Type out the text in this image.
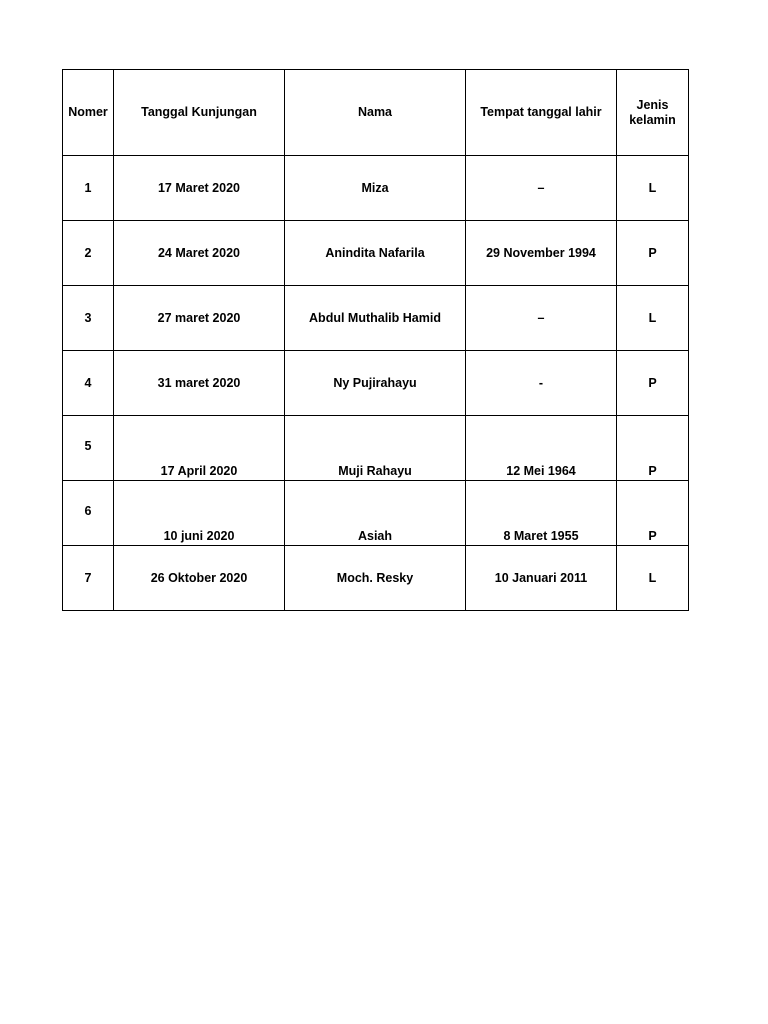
Nomer	Tanggal Kunjungan	Nama	Tempat tanggal lahir	Jenis kelamin
1	17 Maret 2020	Miza	–	L
2	24 Maret 2020	Anindita Nafarila	29 November 1994	P
3	27 maret 2020	Abdul Muthalib Hamid	–	L
4	31 maret 2020	Ny Pujirahayu	-	P
5	17 April 2020	Muji Rahayu	12 Mei 1964	P
6	10 juni 2020	Asiah	8 Maret 1955	P
7	26 Oktober 2020	Moch. Resky	10 Januari 2011	L
